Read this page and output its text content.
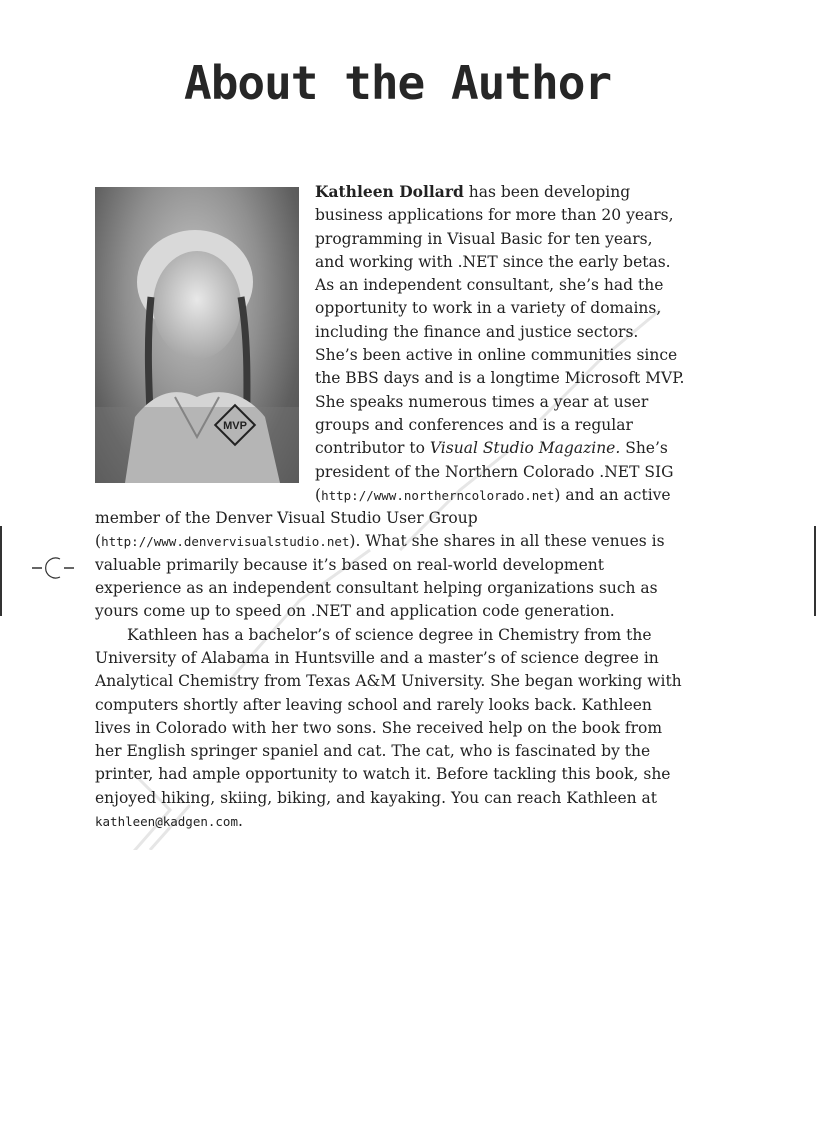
About the Author
MVP

Kathleen Dollard has been developing business applications for more than 20 years, programming in Visual Basic for ten years, and working with .NET since the early betas. As an independent consultant, she’s had the opportunity to work in a variety of domains, including the finance and justice sectors. She’s been active in online communities since the BBS days and is a longtime Microsoft MVP. She speaks numerous times a year at user groups and conferences and is a regular contributor to Visual Studio Magazine. She’s president of the Northern Colorado .NET SIG (http://www.northerncolorado.net) and an active member of the Denver Visual Studio User Group (http://www.denvervisualstudio.net). What she shares in all these venues is valuable primarily because it’s based on real-world development experience as an independent consultant helping organizations such as yours come up to speed on .NET and application code generation.

Kathleen has a bachelor’s of science degree in Chemistry from the University of Alabama in Huntsville and a master’s of science degree in Analytical Chemistry from Texas A&M University. She began working with computers shortly after leaving school and rarely looks back. Kathleen lives in Colorado with her two sons. She received help on the book from her English springer spaniel and cat. The cat, who is fascinated by the printer, had ample opportunity to watch it. Before tackling this book, she enjoyed hiking, skiing, biking, and kayaking. You can reach Kathleen at kathleen@kadgen.com.
